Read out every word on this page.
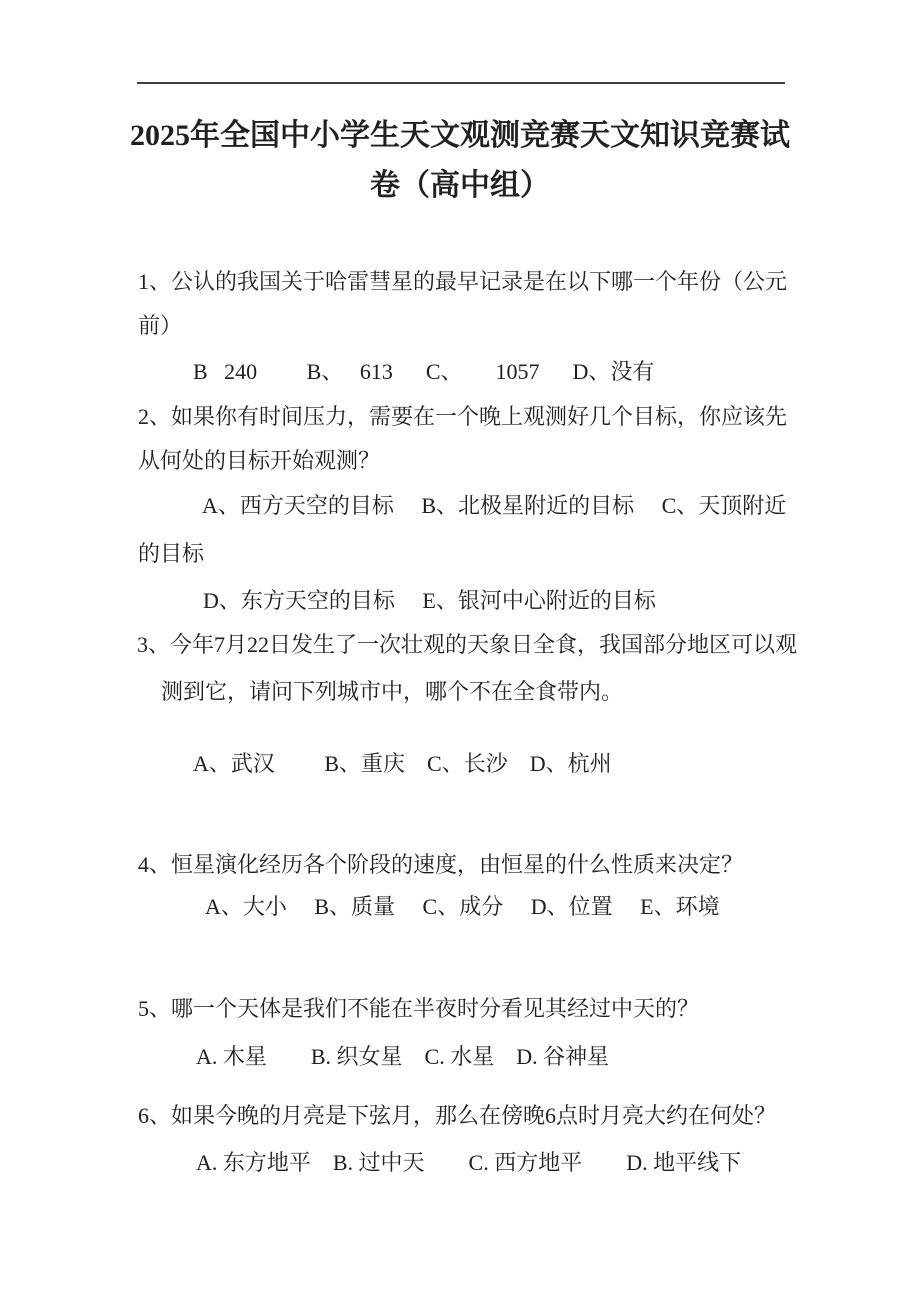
2025年全国中小学生天文观测竞赛天文知识竞赛试
卷（高中组）
1、公认的我国关于哈雷彗星的最早记录是在以下哪一个年份（公元
前）
B   240　　 B、   613　  C、　　1057　  D、没有
2、如果你有时间压力，需要在一个晚上观测好几个目标，你应该先
从何处的目标开始观测？
A、西方天空的目标　 B、北极星附近的目标　 C、天顶附近
的目标
D、东方天空的目标　 E、银河中心附近的目标
3、今年7月22日发生了一次壮观的天象日全食，我国部分地区可以观
测到它，请问下列城市中，哪个不在全食带内。
A、武汉　　 B、重庆　C、长沙　D、杭州
4、恒星演化经历各个阶段的速度，由恒星的什么性质来决定？
A、大小　 B、质量　 C、成分　 D、位置　 E、环境
5、哪一个天体是我们不能在半夜时分看见其经过中天的？
A. 木星　　B. 织女星　C. 水星　D. 谷神星
6、如果今晚的月亮是下弦月，那么在傍晚6点时月亮大约在何处？
A. 东方地平　B. 过中天　　C. 西方地平　　D. 地平线下
